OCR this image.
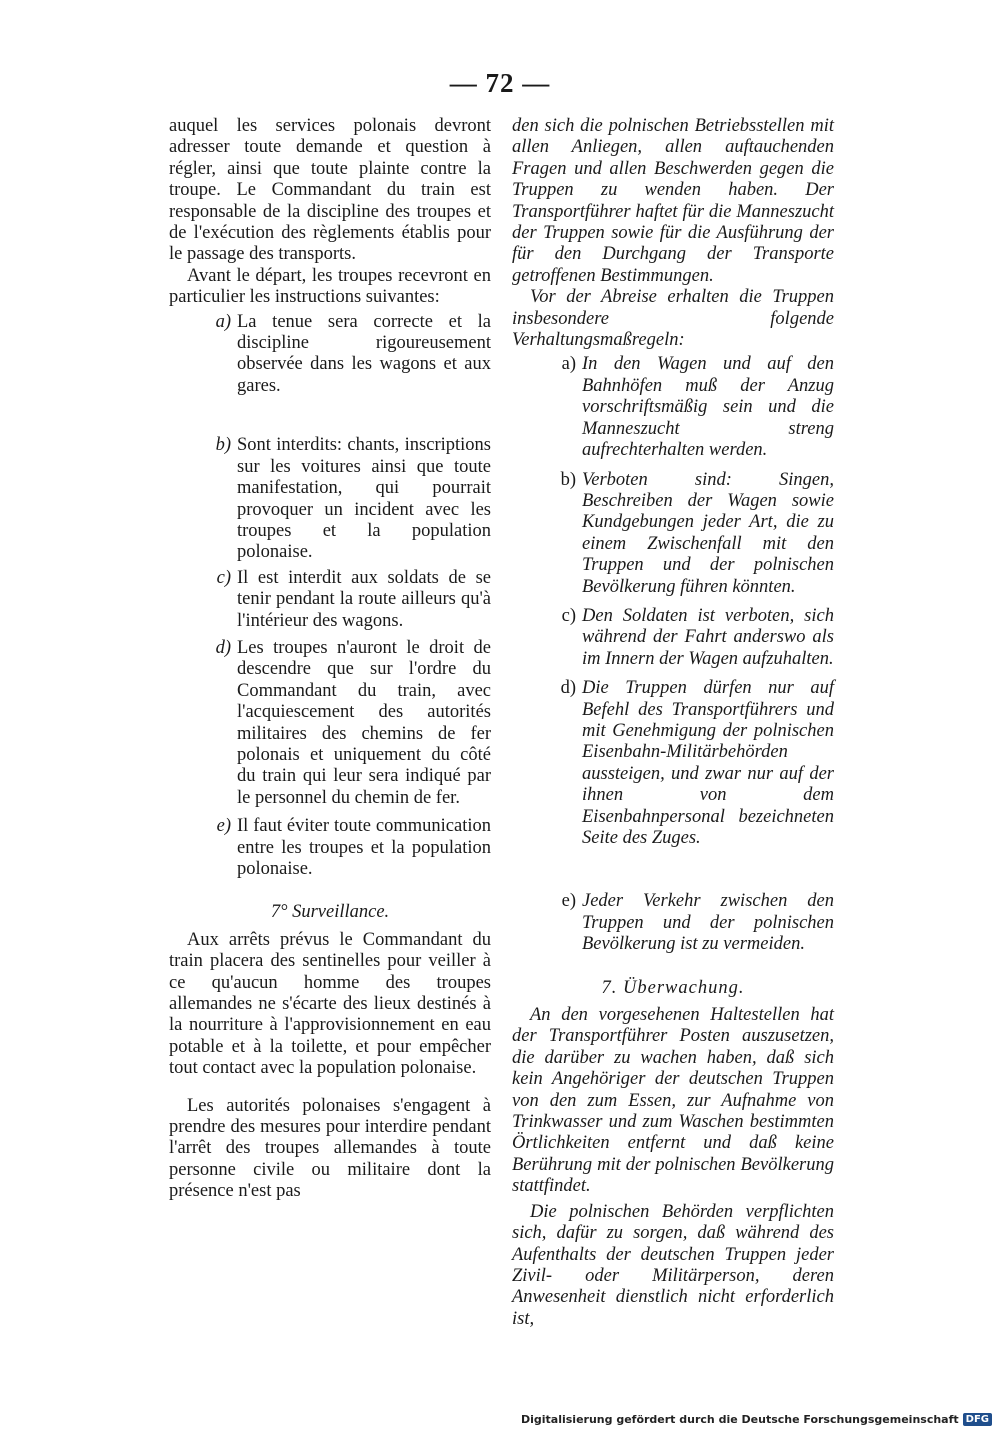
— 72 —

auquel les services polonais devront adresser toute demande et question à régler, ainsi que toute plainte contre la troupe. Le Commandant du train est responsable de la discipline des troupes et de l'exécution des règlements établis pour le passage des transports.

Avant le départ, les troupes recevront en particulier les instructions suivantes:

a) La tenue sera correcte et la discipline rigoureusement observée dans les wagons et aux gares.
b) Sont interdits: chants, inscriptions sur les voitures ainsi que toute manifestation, qui pourrait provoquer un incident avec les troupes et la population polonaise.
c) Il est interdit aux soldats de se tenir pendant la route ailleurs qu'à l'intérieur des wagons.
d) Les troupes n'auront le droit de descendre que sur l'ordre du Commandant du train, avec l'acquiescement des autorités militaires des chemins de fer polonais et uniquement du côté du train qui leur sera indiqué par le personnel du chemin de fer.
e) Il faut éviter toute communication entre les troupes et la population polonaise.

7° Surveillance.

Aux arrêts prévus le Commandant du train placera des sentinelles pour veiller à ce qu'aucun homme des troupes allemandes ne s'écarte des lieux destinés à la nourriture à l'approvisionnement en eau potable et à la toilette, et pour empêcher tout contact avec la population polonaise.

Les autorités polonaises s'engagent à prendre des mesures pour interdire pendant l'arrêt des troupes allemandes à toute personne civile ou militaire dont la présence n'est pas

den sich die polnischen Betriebsstellen mit allen Anliegen, allen auftauchenden Fragen und allen Beschwerden gegen die Truppen zu wenden haben. Der Transportführer haftet für die Manneszucht der Truppen sowie für die Ausführung der für den Durchgang der Transporte getroffenen Bestimmungen.

Vor der Abreise erhalten die Truppen insbesondere folgende Verhaltungsmaßregeln:

a) In den Wagen und auf den Bahnhöfen muß der Anzug vorschriftsmäßig sein und die Manneszucht streng aufrechterhalten werden.
b) Verboten sind: Singen, Beschreiben der Wagen sowie Kundgebungen jeder Art, die zu einem Zwischenfall mit den Truppen und der polnischen Bevölkerung führen könnten.
c) Den Soldaten ist verboten, sich während der Fahrt anderswo als im Innern der Wagen aufzuhalten.
d) Die Truppen dürfen nur auf Befehl des Transportführers und mit Genehmigung der polnischen Eisenbahn-Militärbehörden aussteigen, und zwar nur auf der ihnen von dem Eisenbahnpersonal bezeichneten Seite des Zuges.
e) Jeder Verkehr zwischen den Truppen und der polnischen Bevölkerung ist zu vermeiden.

7. Überwachung.

An den vorgesehenen Haltestellen hat der Transportführer Posten auszusetzen, die darüber zu wachen haben, daß sich kein Angehöriger der deutschen Truppen von den zum Essen, zur Aufnahme von Trinkwasser und zum Waschen bestimmten Örtlichkeiten entfernt und daß keine Berührung mit der polnischen Bevölkerung stattfindet.

Die polnischen Behörden verpflichten sich, dafür zu sorgen, daß während des Aufenthalts der deutschen Truppen jeder Zivil- oder Militärperson, deren Anwesenheit dienstlich nicht erforderlich ist,

Digitalisierung gefördert durch die Deutsche Forschungsgemeinschaft DFG
